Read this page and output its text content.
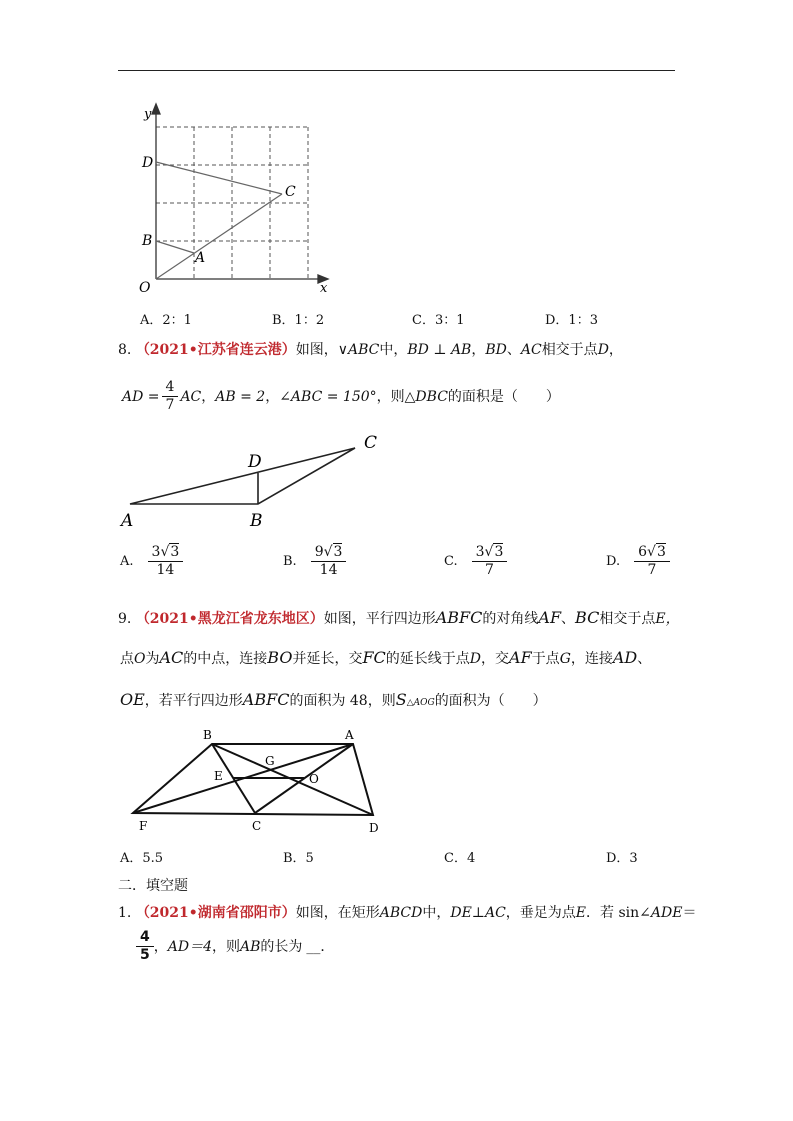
y
x
O
D
C
B
A
A．2：1	B．1：2	C．3：1	D．1：3
8. （2021•江苏省连云港）如图，∨ABC中，BD ⊥ AB，BD、AC相交于点D，
AD = $\frac{4}{7}$ AC ， AB = 2 ， ∠ABC = 150° ，则 △DBC 的面积是（　　）
A	B
C
D
A. $\frac{3√3}{14}$	B. $\frac{9√3}{14}$	C. $\frac{3√3}{7}$	D. $\frac{6√3}{7}$
9. （2021•黑龙江省龙东地区）如图，平行四边形ABFC的对角线AF、BC相交于点E，
点O为AC的中点，连接BO并延长，交FC的延长线于点D，交AF于点G，连接AD、
OE，若平行四边形ABFC的面积为 48，则S△AOG的面积为（　　）
B	A
E
G
O
F	C	D
A．5.5	B．5	C．4	D．3
二．填空题
1. （2021•湖南省邵阳市）如图，在矩形ABCD中，DE⊥AC，垂足为点E．若 sin∠ADE＝
$\frac{4}{5}$ ， AD＝4 ，则 AB 的长为 __．
